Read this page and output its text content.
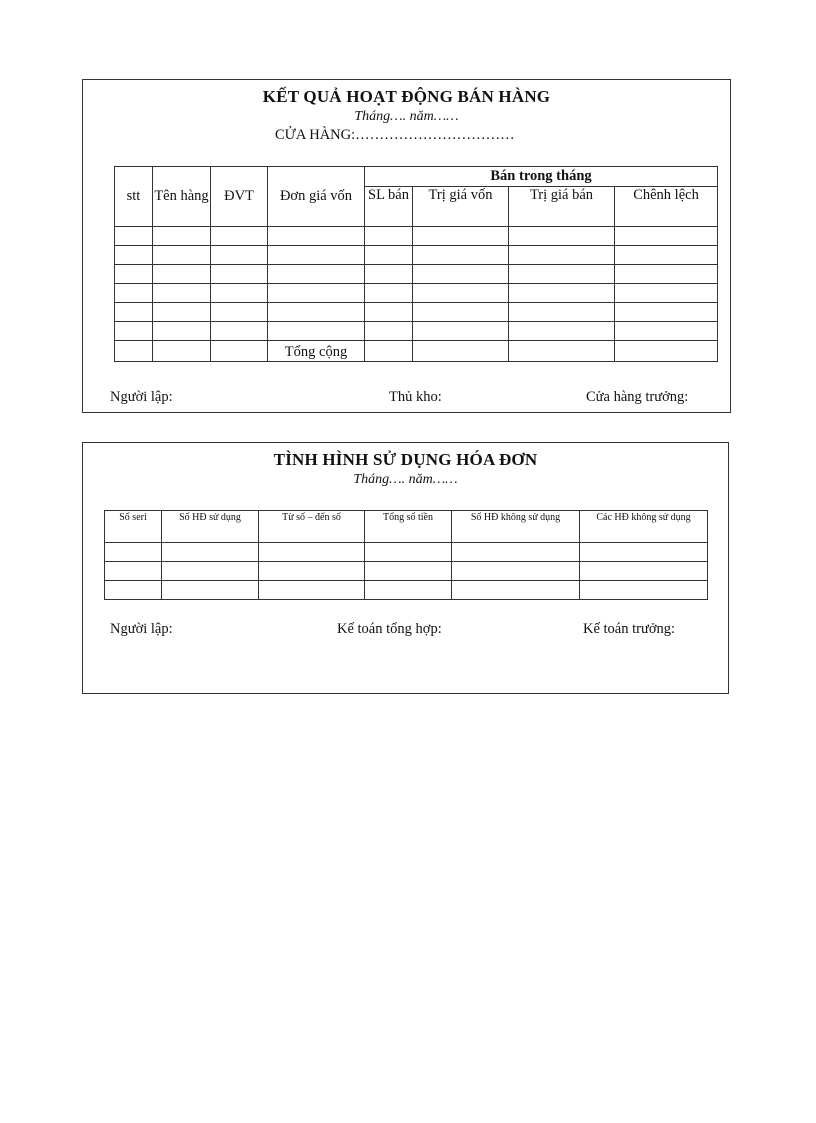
KẾT QUẢ HOẠT ĐỘNG BÁN HÀNG
Tháng…. năm……
CỬA HÀNG:……………………………
stt	Tên hàng	ĐVT	Đơn giá vốn	Bán trong tháng			
				SL bán	Trị giá vốn	Trị giá bán	Chênh lệch

			Tổng cộng				
Người lập:	Thủ kho:	Cửa hàng trưởng:
TÌNH HÌNH SỬ DỤNG HÓA ĐƠN
Tháng…. năm……
Số seri	Số HĐ sử dụng	Từ số – đến số	Tổng số tiền	Số HĐ không sử dụng	Các HĐ không sử dụng

Người lập:	Kế toán tổng hợp:	Kế toán trưởng:
